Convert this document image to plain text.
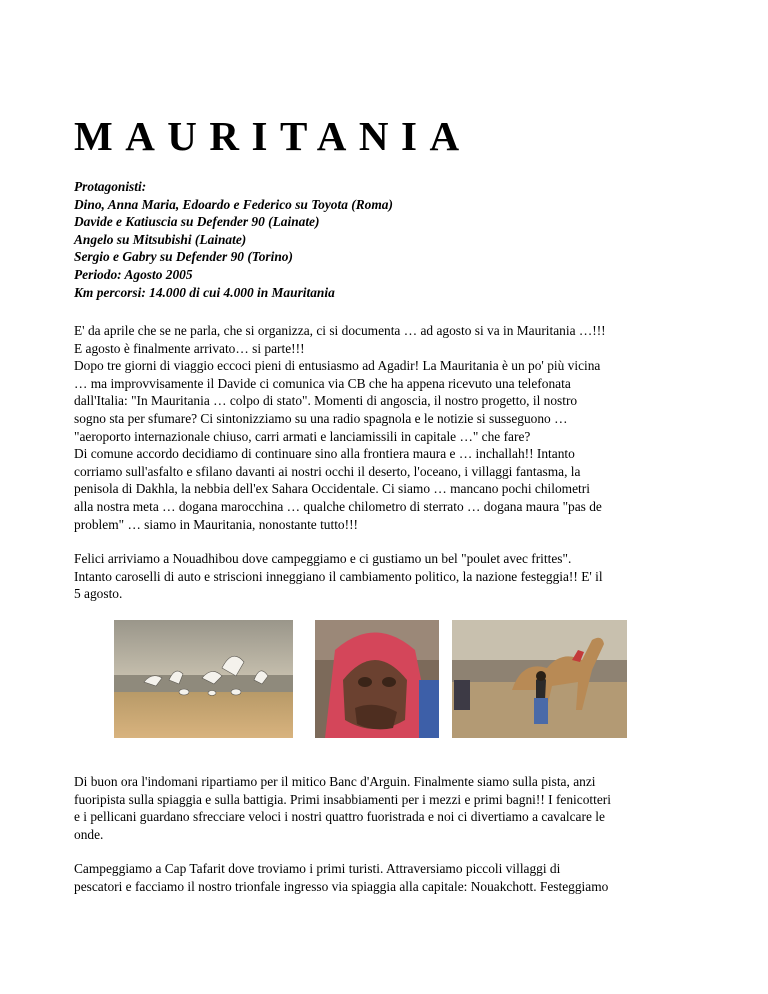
MAURITANIA
Protagonisti:
Dino, Anna Maria, Edoardo e Federico su Toyota (Roma)
Davide e Katiuscia su Defender 90 (Lainate)
Angelo su Mitsubishi (Lainate)
Sergio e Gabry su Defender 90 (Torino)
Periodo: Agosto 2005
Km percorsi: 14.000 di cui 4.000 in Mauritania
E' da aprile che se ne parla, che si organizza, ci si documenta … ad agosto si va in Mauritania …!!!
E agosto è finalmente arrivato… si parte!!!
Dopo tre giorni di viaggio eccoci pieni di entusiasmo ad Agadir! La Mauritania è un po' più vicina
… ma improvvisamente il Davide ci comunica via CB che ha appena ricevuto una telefonata
dall'Italia: "In Mauritania … colpo di stato". Momenti di angoscia, il nostro progetto, il nostro
sogno sta per sfumare? Ci sintonizziamo su una radio spagnola e le notizie si susseguono …
"aeroporto internazionale chiuso, carri armati e lanciamissili in capitale …" che fare?
Di comune accordo decidiamo di continuare sino alla frontiera maura e … inchallah!! Intanto
corriamo sull'asfalto e sfilano davanti ai nostri occhi il deserto, l'oceano, i villaggi fantasma, la
penisola di Dakhla, la nebbia dell'ex Sahara Occidentale. Ci siamo … mancano pochi chilometri
alla nostra meta … dogana marocchina … qualche chilometro di sterrato … dogana maura "pas de
problem" … siamo in Mauritania, nonostante tutto!!!
Felici arriviamo a Nouadhibou dove campeggiamo e ci gustiamo un bel "poulet avec frittes".
Intanto caroselli di auto e striscioni inneggiano il cambiamento politico, la nazione festeggia!! E' il
5 agosto.
Di buon ora l'indomani ripartiamo per il mitico Banc d'Arguin. Finalmente siamo sulla pista, anzi
fuoripista sulla spiaggia e sulla battigia. Primi insabbiamenti per i mezzi e primi bagni!! I fenicotteri
e i pellicani guardano sfrecciare veloci i nostri quattro fuoristrada e noi ci divertiamo a cavalcare le
onde.
Campeggiamo a Cap Tafarit dove troviamo i primi turisti. Attraversiamo piccoli villaggi di
pescatori e facciamo il nostro trionfale ingresso via spiaggia alla capitale: Nouakchott. Festeggiamo
